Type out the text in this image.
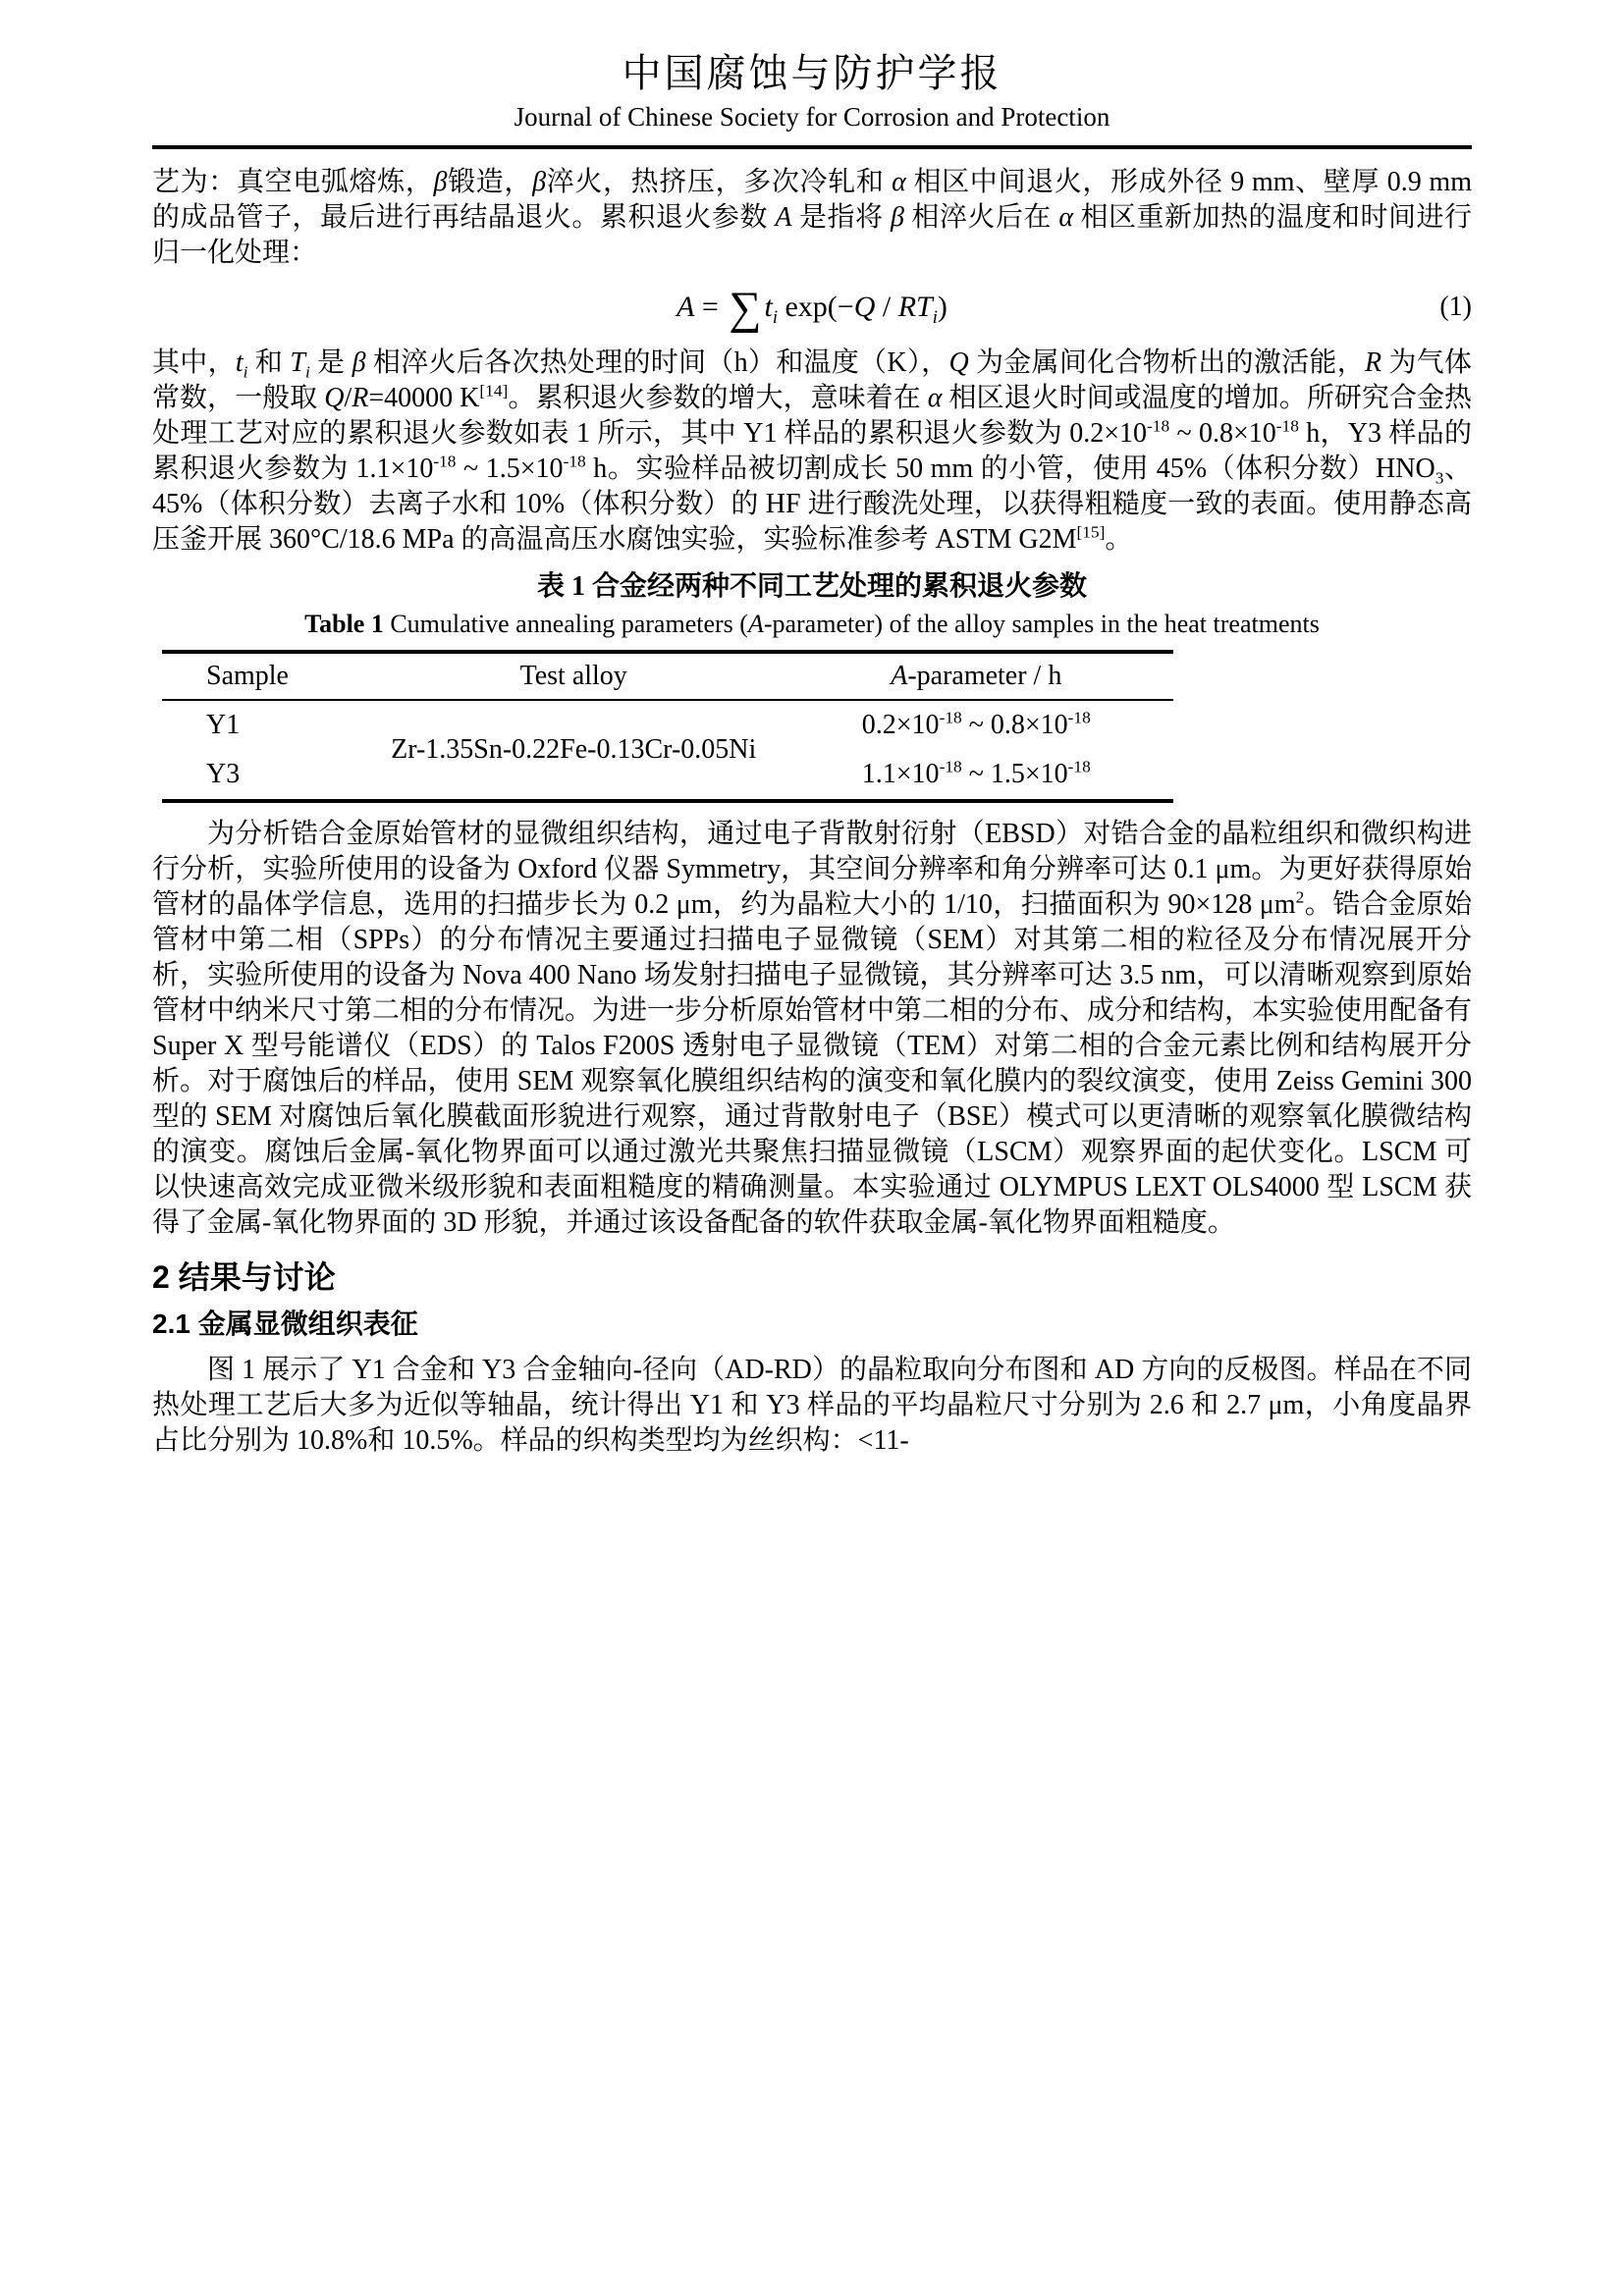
中国腐蚀与防护学报
Journal of Chinese Society for Corrosion and Protection

艺为：真空电弧熔炼，β锻造，β淬火，热挤压，多次冷轧和 α 相区中间退火，形成外径 9 mm、壁厚 0.9 mm 的成品管子，最后进行再结晶退火。累积退火参数 A 是指将 β 相淬火后在 α 相区重新加热的温度和时间进行归一化处理：

A = ∑ $t_i$ $\exp(-Q / RT_i)$	(1)

其中，$t_i$ 和 $T_i$ 是 β 相淬火后各次热处理的时间（h）和温度（K），Q 为金属间化合物析出的激活能，R 为气体常数，一般取 Q/R=40000 K[14]。累积退火参数的增大，意味着在 α 相区退火时间或温度的增加。所研究合金热处理工艺对应的累积退火参数如表 1 所示，其中 Y1 样品的累积退火参数为 $0.2\times 10^{-18}$ ~ $0.8\times 10^{-18}$ h，Y3 样品的累积退火参数为 $1.1\times 10^{-18}$ ~ $1.5\times 10^{-18}$ h。实验样品被切割成长 50 mm 的小管，使用 45%（体积分数）$HNO_3$、45%（体积分数）去离子水和 10%（体积分数）的 HF 进行酸洗处理，以获得粗糙度一致的表面。使用静态高压釜开展 360°C/18.6 MPa 的高温高压水腐蚀实验，实验标准参考 ASTM G2M[15]。

表 1 合金经两种不同工艺处理的累积退火参数
Table 1 Cumulative annealing parameters (A-parameter) of the alloy samples in the heat treatments
Sample	Test alloy	A-parameter / h
Y1	Zr-1.35Sn-0.22Fe-0.13Cr-0.05Ni	$0.2\times 10^{-18}$ ~ $0.8\times 10^{-18}$
Y3		$1.1\times 10^{-18}$ ~ $1.5\times 10^{-18}$

为分析锆合金原始管材的显微组织结构，通过电子背散射衍射（EBSD）对锆合金的晶粒组织和微织构进行分析，实验所使用的设备为 Oxford 仪器 Symmetry，其空间分辨率和角分辨率可达 0.1 μm。为更好获得原始管材的晶体学信息，选用的扫描步长为 0.2 μm，约为晶粒大小的 1/10，扫描面积为 90×128 $\mu m^2$。锆合金原始管材中第二相（SPPs）的分布情况主要通过扫描电子显微镜（SEM）对其第二相的粒径及分布情况展开分析，实验所使用的设备为 Nova 400 Nano 场发射扫描电子显微镜，其分辨率可达 3.5 nm，可以清晰观察到原始管材中纳米尺寸第二相的分布情况。为进一步分析原始管材中第二相的分布、成分和结构，本实验使用配备有 Super X 型号能谱仪（EDS）的 Talos F200S 透射电子显微镜（TEM）对第二相的合金元素比例和结构展开分析。对于腐蚀后的样品，使用 SEM 观察氧化膜组织结构的演变和氧化膜内的裂纹演变，使用 Zeiss Gemini 300 型的 SEM 对腐蚀后氧化膜截面形貌进行观察，通过背散射电子（BSE）模式可以更清晰的观察氧化膜微结构的演变。腐蚀后金属-氧化物界面可以通过激光共聚焦扫描显微镜（LSCM）观察界面的起伏变化。LSCM 可以快速高效完成亚微米级形貌和表面粗糙度的精确测量。本实验通过 OLYMPUS LEXT OLS4000 型 LSCM 获得了金属-氧化物界面的 3D 形貌，并通过该设备配备的软件获取金属-氧化物界面粗糙度。

2 结果与讨论
2.1 金属显微组织表征

图 1 展示了 Y1 合金和 Y3 合金轴向-径向（AD-RD）的晶粒取向分布图和 AD 方向的反极图。样品在不同热处理工艺后大多为近似等轴晶，统计得出 Y1 和 Y3 样品的平均晶粒尺寸分别为 2.6 和 2.7 μm，小角度晶界占比分别为 10.8%和 10.5%。样品的织构类型均为丝织构：<11-
